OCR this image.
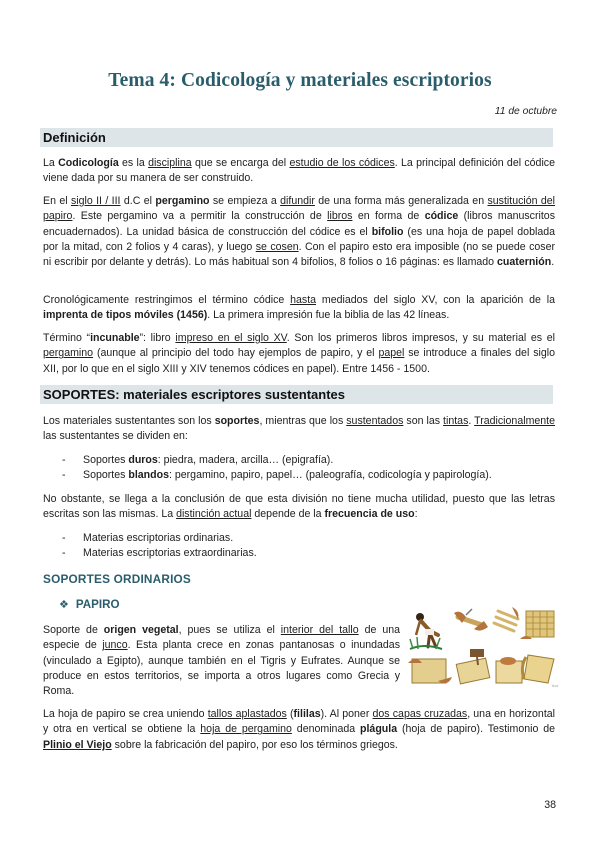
Tema 4: Codicología y materiales escriptorios
11 de octubre
Definición

La Codicología es la disciplina que se encarga del estudio de los códices. La principal definición del códice viene dada por su manera de ser construido.

En el siglo II / III d.C el pergamino se empieza a difundir de una forma más generalizada en sustitución del papiro. Este pergamino va a permitir la construcción de libros en forma de códice (libros manuscritos encuadernados). La unidad básica de construcción del códice es el bifolio (es una hoja de papel doblada por la mitad, con 2 folios y 4 caras), y luego se cosen. Con el papiro esto era imposible (no se puede coser ni escribir por delante y detrás). Lo más habitual son 4 bifolios, 8 folios o 16 páginas: es llamado cuaternión.

Cronológicamente restringimos el término códice hasta mediados del siglo XV, con la aparición de la imprenta de tipos móviles (1456). La primera impresión fue la biblia de las 42 líneas.

Término “incunable”: libro impreso en el siglo XV. Son los primeros libros impresos, y su material es el pergamino (aunque al principio del todo hay ejemplos de papiro, y el papel se introduce a finales del siglo XII, por lo que en el siglo XIII y XIV tenemos códices en papel). Entre 1456 - 1500.

SOPORTES: materiales escriptores sustentantes

Los materiales sustentantes son los soportes, mientras que los sustentados son las tintas. Tradicionalmente las sustentantes se dividen en:

- Soportes duros: piedra, madera, arcilla… (epigrafía).
- Soportes blandos: pergamino, papiro, papel… (paleografía, codicología y papirología).

No obstante, se llega a la conclusión de que esta división no tiene mucha utilidad, puesto que las letras escritas son las mismas. La distinción actual depende de la frecuencia de uso:

- Materias escriptorias ordinarias.
- Materias escriptorias extraordinarias.
SOPORTES ORDINARIOS
❖ PAPIRO

Soporte de origen vegetal, pues se utiliza el interior del tallo de una especie de junco. Esta planta crece en zonas pantanosas o inundadas (vinculado a Egipto), aunque también en el Tigris y Eufrates. Aunque se produce en estos territorios, se importa a otros lugares como Grecia y Roma.	rlos

La hoja de papiro se crea uniendo tallos aplastados (fililas). Al poner dos capas cruzadas, una en horizontal y otra en vertical se obtiene la hoja de pergamino denominada plágula (hoja de papiro). Testimonio de Plinio el Viejo sobre la fabricación del papiro, por eso los términos griegos.

38
